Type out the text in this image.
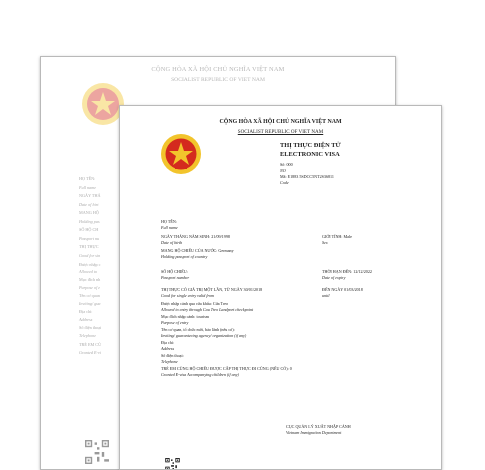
CỘNG HÒA XÃ HỘI CHỦ NGHĨA VIỆT NAM
SOCIALIST REPUBLIC OF VIET NAM
HỌ TÊN:
Full name
NGÀY THÁ
Date of birt
MANG HỘ
Holding pas
SỐ HỘ CH
Passport nu
THỊ THỰC
Good for sin
Được nhập c
Allowed to
Mục đích nh
Purpose of e
Tên cơ quan
Inviting/ gua
Địa chỉ:
Address
Số điện thoại
Telephone
TRẺ EM CÙ
Granted E-vi
CỘNG HÒA XÃ HỘI CHỦ NGHĨA VIỆT NAM
SOCIALIST REPUBLIC OF VIET NAM
THỊ THỰC ĐIỆN TỬ
ELECTRONIC VISA
Số: 000
NO
Mã: E1883 5SDCC5NT2S36811
Code
HỌ TÊN:
Full name
NGÀY THÁNG NĂM SINH: 21/09/1998
Date of birth
GIỚI TÍNH: Male
Sex
MANG HỘ CHIẾU CỦA NƯỚC: Germany
Holding passport of country
SỐ HỘ CHIẾU:
Passport number
THỜI HẠN ĐẾN: 12/12/2022
Date of expiry
THỊ THỰC CÓ GIÁ TRỊ MỘT LẦN, TỪ NGÀY 30/01/2018
Good for single entry valid from
ĐẾN NGÀY 01/03/2018
until
Được nhập cảnh qua cửa khẩu: Cửa Treo
Allowed to entry through Cau Treo Landport checkpoint
Mục đích nhập cảnh: tourism
Purpose of entry
Tên cơ quan, tổ chức mời, bảo lãnh (nếu có):
Inviting/ guaranteeing agency/ organization (if any)
Địa chỉ:
Address
Số điện thoại:
Telephone
TRẺ EM CÙNG HỘ CHIẾU ĐƯỢC CẤP THỊ THỰC ĐI CÙNG (NẾU CÓ): 0
Granted E-visa Accompanying children (if any)
CỤC QUẢN LÝ XUẤT NHẬP CẢNH
Vietnam Immigration Department
